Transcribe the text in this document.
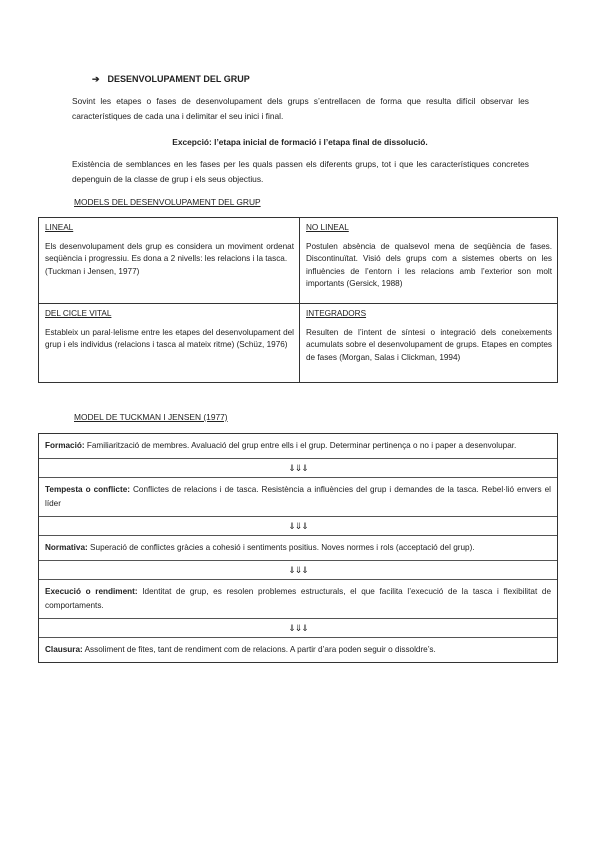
➔ DESENVOLUPAMENT DEL GRUP
Sovint les etapes o fases de desenvolupament dels grups s’entrellacen de forma que resulta difícil observar les característiques de cada una i delimitar el seu inici i final.
Excepció: l’etapa inicial de formació i l’etapa final de dissolució.
Existència de semblances en les fases per les quals passen els diferents grups, tot i que les característiques concretes depenguin de la classe de grup i els seus objectius.
MODELS DEL DESENVOLUPAMENT DEL GRUP
LINEAL
Els desenvolupament dels grup es considera un moviment ordenat seqüència i progressiu. Es dona a 2 nivells: les relacions i la tasca.
(Tuckman i Jensen, 1977)
NO LINEAL
Postulen absència de qualsevol mena de seqüència de fases. Discontinuïtat. Visió dels grups com a sistemes oberts on les influències de l’entorn i les relacions amb l’exterior son molt importants (Gersick, 1988)
DEL CICLE VITAL
Estableix un paral·lelisme entre les etapes del desenvolupament del grup i els individus (relacions i tasca al mateix ritme) (Schüz, 1976)
INTEGRADORS
Resulten de l’intent de síntesi o integració dels coneixements acumulats sobre el desenvolupament de grups. Etapes en comptes de fases (Morgan, Salas i Clickman, 1994)
MODEL DE TUCKMAN I JENSEN (1977)
Formació: Familiarització de membres. Avaluació del grup entre ells i el grup. Determinar pertinença o no i paper a desenvolupar.
⇓⇓⇓
Tempesta o conflicte: Conflictes de relacions i de tasca. Resistència a influències del grup i demandes de la tasca. Rebel·lió envers el líder
⇓⇓⇓
Normativa: Superació de conflictes gràcies a cohesió i sentiments positius. Noves normes i rols (acceptació del grup).
⇓⇓⇓
Execució o rendiment: Identitat de grup, es resolen problemes estructurals, el que facilita l’execució de la tasca i flexibilitat de comportaments.
⇓⇓⇓
Clausura: Assoliment de fites, tant de rendiment com de relacions. A partir d’ara poden seguir o dissoldre’s.
